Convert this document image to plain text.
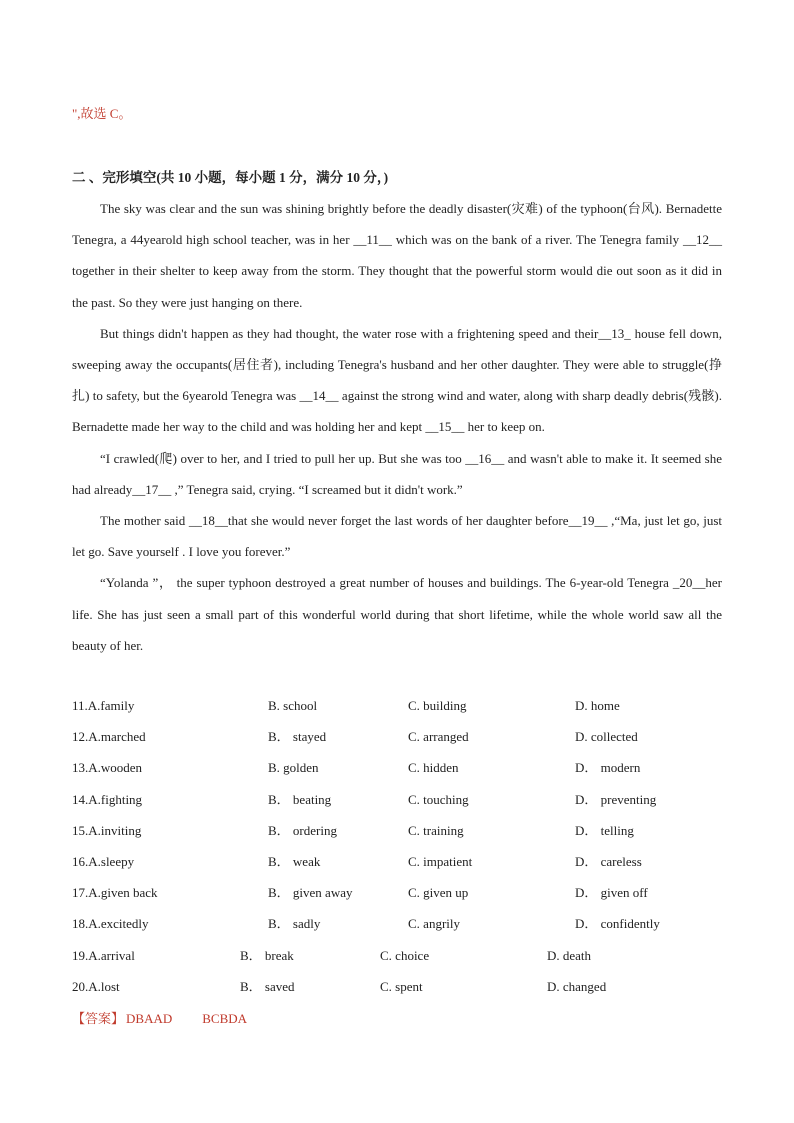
",故选 C。
二 、完形填空(共 10 小题，每小题 1 分，满分 10 分，)

The sky was clear and the sun was shining brightly before the deadly disaster(灾难) of the typhoon(台风). Bernadette Tenegra, a 44yearold high school teacher, was in her __11__ which was on the bank of a river. The Tenegra family __12__ together in their shelter to keep away from the storm. They thought that the powerful storm would die out soon as it did in the past. So they were just hanging on there.

But things didn't happen as they had thought, the water rose with a frightening speed and their__13_ house fell down, sweeping away the occupants(居住者), including Tenegra's husband and her other daughter. They were able to struggle(挣扎) to safety, but the 6yearold Tenegra was __14__ against the strong wind and water, along with sharp deadly debris(残骸). Bernadette made her way to the child and was holding her and kept __15__ her to keep on.

“I crawled(爬) over to her, and I tried to pull her up. But she was too __16__ and wasn't able to make it. It seemed she had already__17__ ,” Tenegra said, crying. “I screamed but it didn't work.”

The mother said __18__that she would never forget the last words of her daughter before__19__ ,“Ma, just let go, just let go. Save yourself . I love you forever.”

“Yolanda ”， the super typhoon destroyed a great number of houses and buildings. The 6-year-old Tenegra _20__her life. She has just seen a small part of this wonderful world during that short lifetime, while the whole world saw all the beauty of her.

11.A.family	B. school	C. building	D. home
12.A.marched	B． stayed	C. arranged	D. collected
13.A.wooden	B. golden	C. hidden	D． modern
14.A.fighting	B． beating	C. touching	D． preventing
15.A.inviting	B． ordering	C. training	D． telling
16.A.sleepy	B． weak	C. impatient	D． careless
17.A.given back	B． given away	C. given up	D． given off
18.A.excitedly	B． sadly	C. angrily	D． confidently
19.A.arrival	B． break	C. choice	D. death
20.A.lost	B． saved	C. spent	D. changed
【答案】 DBAAD BCBDA
